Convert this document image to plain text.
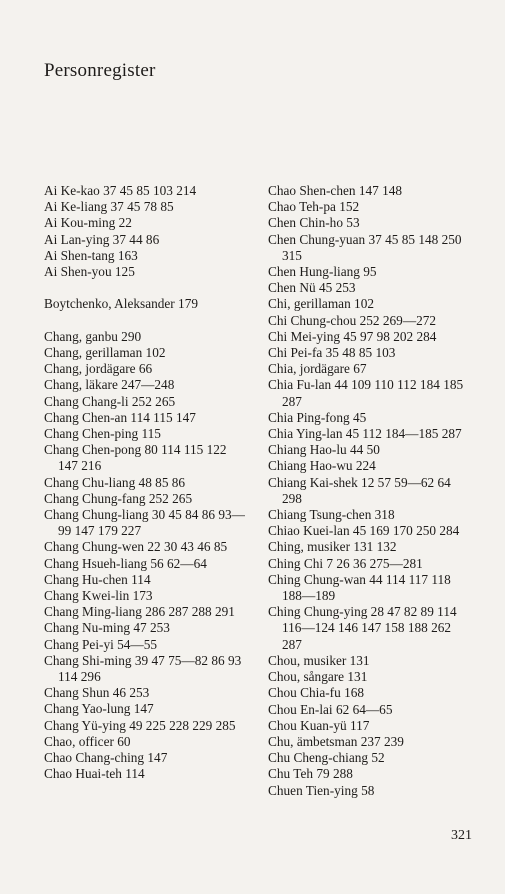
Personregister
Ai Ke-kao 37 45 85 103 214
Ai Ke-liang 37 45 78 85
Ai Kou-ming 22
Ai Lan-ying 37 44 86
Ai Shen-tang 163
Ai Shen-you 125
Boytchenko, Aleksander 179
Chang, ganbu 290
Chang, gerillaman 102
Chang, jordägare 66
Chang, läkare 247—248
Chang Chang-li 252 265
Chang Chen-an 114 115 147
Chang Chen-ping 115
Chang Chen-pong 80 114 115 122 147 216
Chang Chu-liang 48 85 86
Chang Chung-fang 252 265
Chang Chung-liang 30 45 84 86 93—99 147 179 227
Chang Chung-wen 22 30 43 46 85
Chang Hsueh-liang 56 62—64
Chang Hu-chen 114
Chang Kwei-lin 173
Chang Ming-liang 286 287 288 291
Chang Nu-ming 47 253
Chang Pei-yi 54—55
Chang Shi-ming 39 47 75—82 86 93 114 296
Chang Shun 46 253
Chang Yao-lung 147
Chang Yü-ying 49 225 228 229 285
Chao, officer 60
Chao Chang-ching 147
Chao Huai-teh 114
Chao Shen-chen 147 148
Chao Teh-pa 152
Chen Chin-ho 53
Chen Chung-yuan 37 45 85 148 250 315
Chen Hung-liang 95
Chen Nü 45 253
Chi, gerillaman 102
Chi Chung-chou 252 269—272
Chi Mei-ying 45 97 98 202 284
Chi Pei-fa 35 48 85 103
Chia, jordägare 67
Chia Fu-lan 44 109 110 112 184 185 287
Chia Ping-fong 45
Chia Ying-lan 45 112 184—185 287
Chiang Hao-lu 44 50
Chiang Hao-wu 224
Chiang Kai-shek 12 57 59—62 64 298
Chiang Tsung-chen 318
Chiao Kuei-lan 45 169 170 250 284
Ching, musiker 131 132
Ching Chi 7 26 36 275—281
Ching Chung-wan 44 114 117 118 188—189
Ching Chung-ying 28 47 82 89 114 116—124 146 147 158 188 262 287
Chou, musiker 131
Chou, sångare 131
Chou Chia-fu 168
Chou En-lai 62 64—65
Chou Kuan-yü 117
Chu, ämbetsman 237 239
Chu Cheng-chiang 52
Chu Teh 79 288
Chuen Tien-ying 58
321
